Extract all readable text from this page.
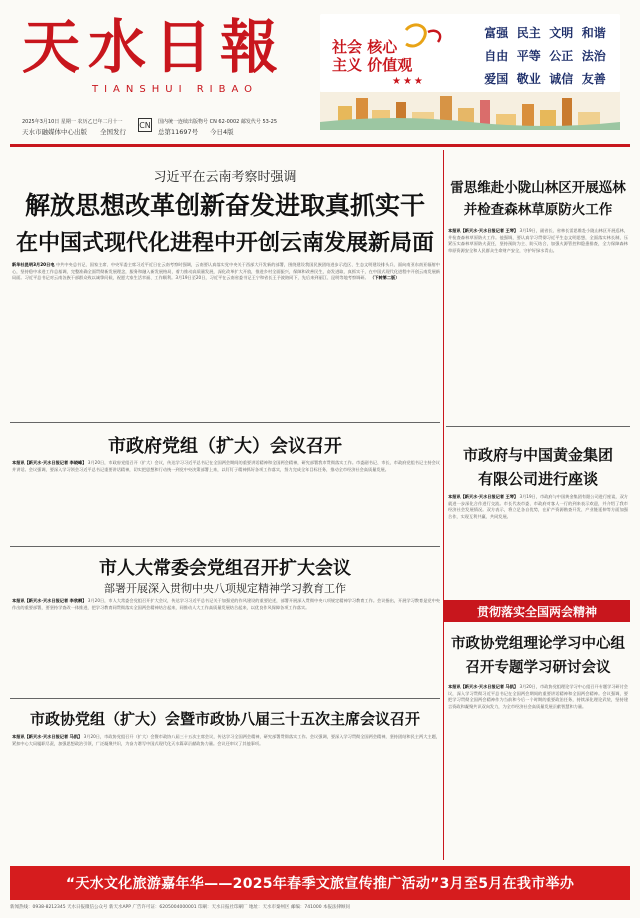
天水日報
TIANSHUI RIBAO
社会 核心
主义 价值观
★★★
富强 民主 文明 和谐
自由 平等 公正 法治
爱国 敬业 诚信 友善
2025年3月10日 星期一 农历乙巳年二月十一
天水市融媒体中心出版 全国发行
CN 国内统一连续出版物号 CN 62-0002 邮发代号 53-25
总第11697号 今日4版
习近平在云南考察时强调
解放思想改革创新奋发进取真抓实干
在中国式现代化进程中开创云南发展新局面
新华社昆明3月20日电 中共中央总书记、国家主席、中央军委主席习近平近日在云南考察时强调，云南要认真落实党中央关于西部大开发新的部署，围绕建设我国民族团结进步示范区、生态文明建设排头兵、面向南亚东南亚辐射中心，坚持稳中求进工作总基调，完整准确全面贯彻新发展理念，服务和融入新发展格局，着力推动高质量发展，深化改革扩大开放，推进乡村全面振兴，保障和改善民生，奋发进取、真抓实干，在中国式现代化进程中开创云南发展新局面。习近平总书记对云南各族干部群众致以诚挚问候，祝愿大家生活幸福、工作顺利。3月19日至20日，习近平在云南省委书记王宁和省长王予波陪同下，先后来到丽江、昆明等地考察调研。 （下转第二版）
市政府党组（扩大）会议召开
本报讯【新天水·天水日报记者 李晓峰】 3月20日，市政府党组召开（扩大）会议，传达学习习近平总书记在全国两会期间的重要讲话精神和全国两会精神，研究部署我市贯彻落实工作。市委副书记、市长、市政府党组书记主持会议并讲话。会议强调，要深入学习领会习近平总书记重要讲话精神，切实把思想和行动统一到党中央决策部署上来，以钉钉子精神抓好各项工作落实，努力完成全年目标任务，推动全市经济社会高质量发展。
市人大常委会党组召开扩大会议
部署开展深入贯彻中央八项规定精神学习教育工作
本报讯【新天水·天水日报记者 李欣桐】 3月20日，市人大常委会党组召开扩大会议，传达学习习近平总书记关于加强党的作风建设的重要论述，部署开展深入贯彻中央八项规定精神学习教育工作。会议指出，开展学习教育是党中央作出的重要部署，要坚持学查改一体推进，把学习教育同贯彻落实全国两会精神结合起来，同推动人大工作高质量发展结合起来，以优良作风保障各项工作落实。
市政协党组（扩大）会暨市政协八届三十五次主席会议召开
本报讯【新天水·天水日报记者 马凯】 3月20日，市政协党组召开（扩大）会暨市政协八届三十五次主席会议，传达学习全国两会精神，研究部署贯彻落实工作。会议强调，要深入学习贯彻全国两会精神，坚持团结和民主两大主题，紧扣中心大局履职尽责，加强思想政治引领，广泛凝聚共识，为奋力谱写中国式现代化天水篇章贡献政协力量。会议还审议了其他事项。
雷思维赴小陇山林区开展巡林
并检查森林草原防火工作
本报讯【新天水·天水日报记者 王琴】 3月19日，副省长、省林长雷思维赴小陇山林区开展巡林，并检查森林草原防火工作。他强调，要认真学习贯彻习近平生态文明思想，全面落实林长制，压紧压实森林草原防火责任，坚持预防为主、防灭结合，加强火源管控和隐患排查，全力保障森林草原资源安全和人民群众生命财产安全，守护好绿水青山。
市政府与中国黄金集团
有限公司进行座谈
本报讯【新天水·天水日报记者 王琴】 3月19日，市政府与中国黄金集团有限公司进行座谈，双方就进一步深化合作进行交流。市长代表市委、市政府对客人一行的到来表示欢迎，并介绍了我市经济社会发展情况。双方表示，将立足各自优势，在矿产资源勘查开发、产业链延伸等方面加强合作，实现互利共赢、共同发展。
贯彻落实全国两会精神
市政协党组理论学习中心组
召开专题学习研讨会议
本报讯【新天水·天水日报记者 马凯】 3月20日，市政协党组理论学习中心组召开专题学习研讨会议，深入学习贯彻习近平总书记在全国两会期间的重要讲话精神和全国两会精神。会议强调，要把学习贯彻全国两会精神作为当前和今后一个时期的重要政治任务，持续深化理论武装，坚持建言资政和凝聚共识双向发力，为全市经济社会高质量发展贡献智慧和力量。
“天水文化旅游嘉年华——2025年春季文旅宣传推广活动”3月至5月在我市举办
新闻热线：0938-8212345 天水日报微信公众号 新天水APP 广告许可证：6205004000001 印刷：天水日报社印刷厂 地址：天水市秦州区 邮编：741000 本报法律顾问
